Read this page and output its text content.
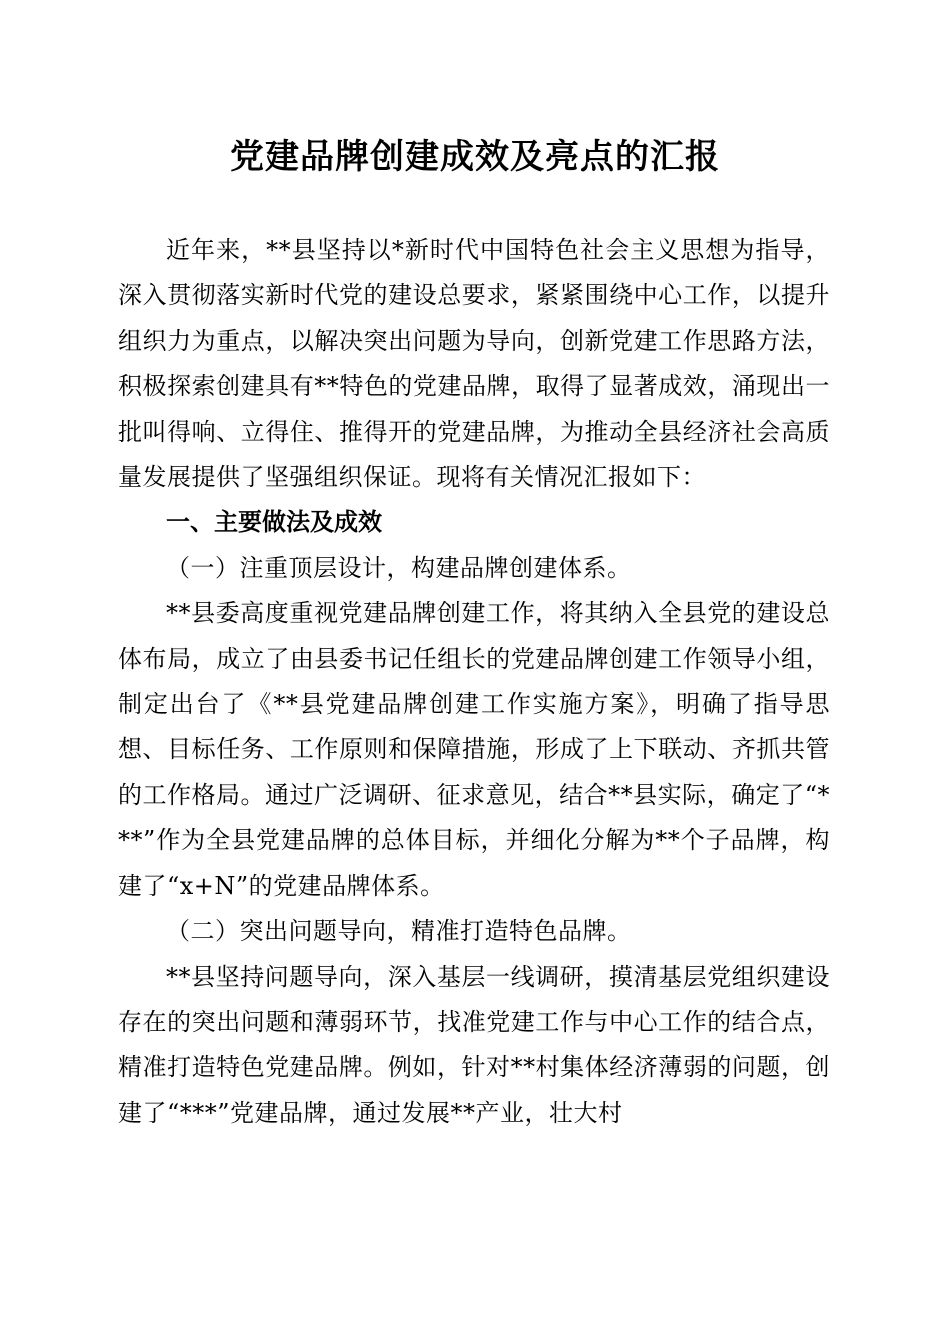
党建品牌创建成效及亮点的汇报

近年来，**县坚持以*新时代中国特色社会主义思想为指导，深入贯彻落实新时代党的建设总要求，紧紧围绕中心工作，以提升组织力为重点，以解决突出问题为导向，创新党建工作思路方法，积极探索创建具有**特色的党建品牌，取得了显著成效，涌现出一批叫得响、立得住、推得开的党建品牌，为推动全县经济社会高质量发展提供了坚强组织保证。现将有关情况汇报如下：

一、主要做法及成效
（一）注重顶层设计，构建品牌创建体系。

**县委高度重视党建品牌创建工作，将其纳入全县党的建设总体布局，成立了由县委书记任组长的党建品牌创建工作领导小组，制定出台了《**县党建品牌创建工作实施方案》，明确了指导思想、目标任务、工作原则和保障措施，形成了上下联动、齐抓共管的工作格局。通过广泛调研、征求意见，结合**县实际，确定了“***”作为全县党建品牌的总体目标，并细化分解为**个子品牌，构建了“x+N”的党建品牌体系。

（二）突出问题导向，精准打造特色品牌。

**县坚持问题导向，深入基层一线调研，摸清基层党组织建设存在的突出问题和薄弱环节，找准党建工作与中心工作的结合点，精准打造特色党建品牌。例如，针对**村集体经济薄弱的问题，创建了“***”党建品牌，通过发展**产业，壮大村
